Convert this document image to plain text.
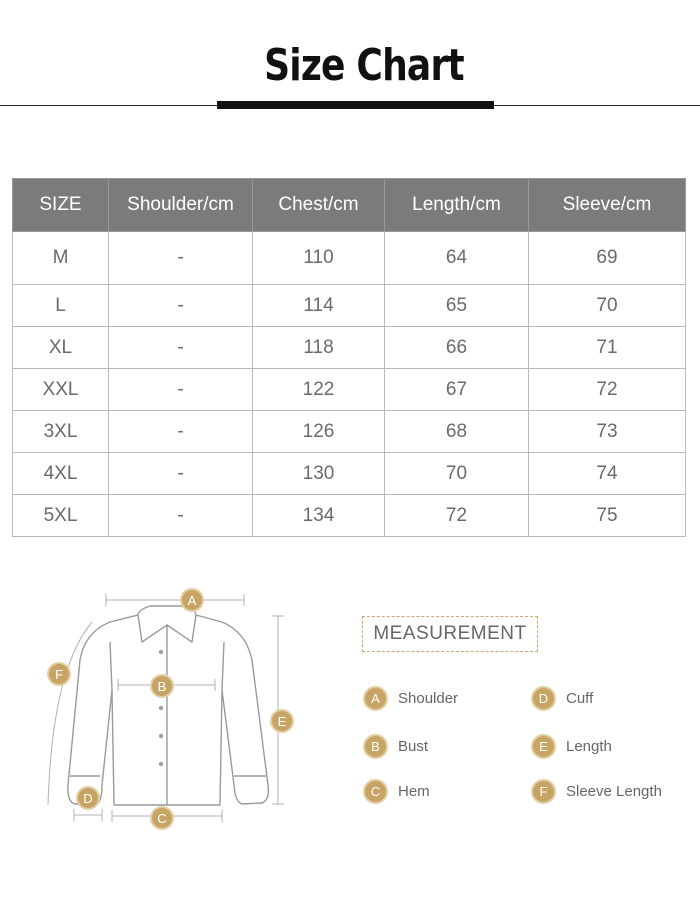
Size Chart
SIZE	Shoulder/cm	Chest/cm	Length/cm	Sleeve/cm
M	-	110	64	69
L	-	114	65	70
XL	-	118	66	71
XXL	-	122	67	72
3XL	-	126	68	73
4XL	-	130	70	74
5XL	-	134	72	75
A
B
C
D
E
F
MEASUREMENT
A	Shoulder
B	Bust
C	Hem
D	Cuff
E	Length
F	Sleeve Length
